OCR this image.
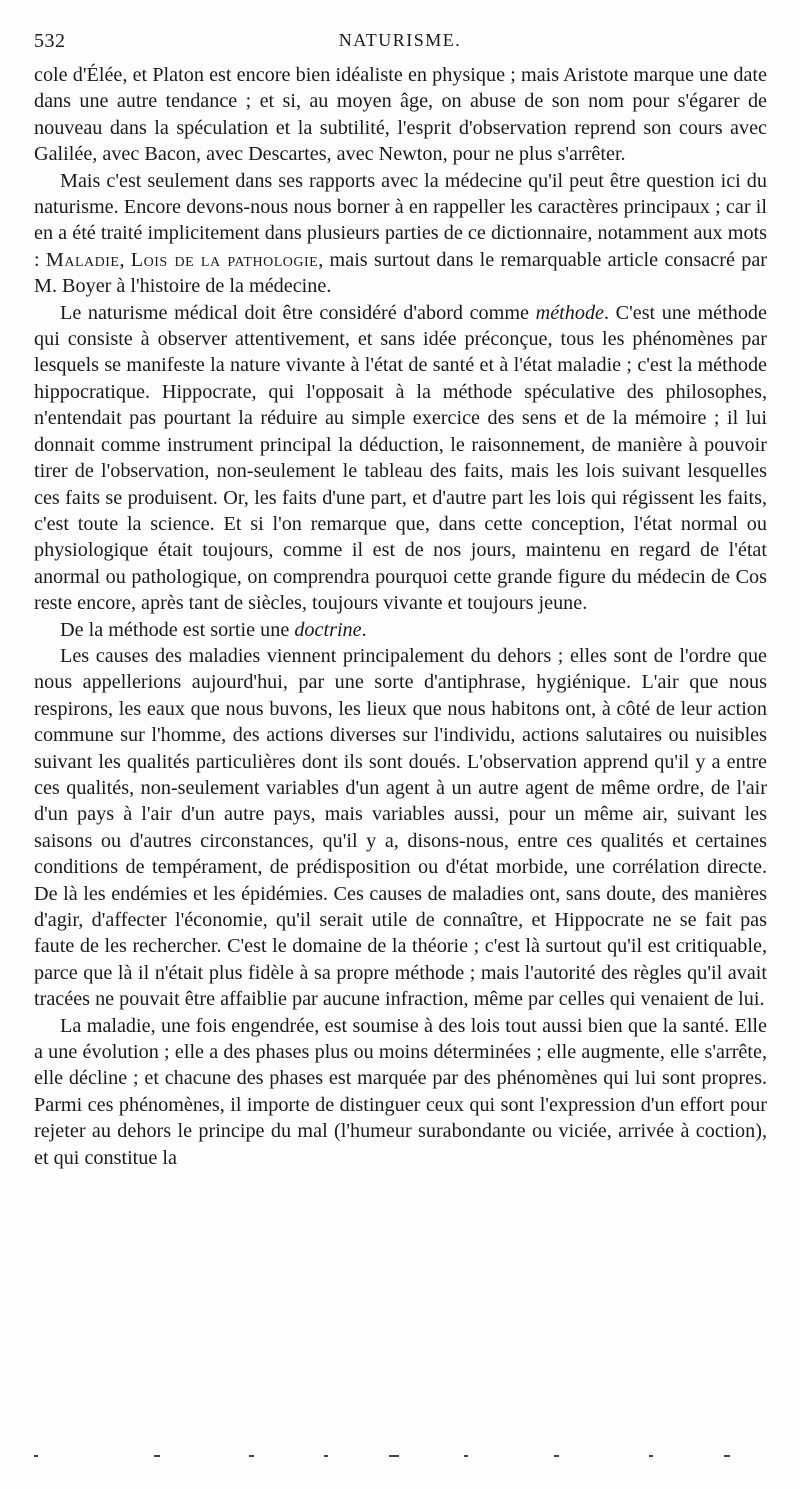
532	NATURISME.

cole d'Élée, et Platon est encore bien idéaliste en physique ; mais Aristote marque une date dans une autre tendance ; et si, au moyen âge, on abuse de son nom pour s'égarer de nouveau dans la spéculation et la subtilité, l'esprit d'observation reprend son cours avec Galilée, avec Bacon, avec Descartes, avec Newton, pour ne plus s'arrêter.

Mais c'est seulement dans ses rapports avec la médecine qu'il peut être question ici du naturisme. Encore devons-nous nous borner à en rappeller les caractères principaux ; car il en a été traité implicitement dans plusieurs parties de ce dictionnaire, notamment aux mots : Maladie, Lois de la pathologie, mais surtout dans le remarquable article consacré par M. Boyer à l'histoire de la médecine.

Le naturisme médical doit être considéré d'abord comme méthode. C'est une méthode qui consiste à observer attentivement, et sans idée préconçue, tous les phénomènes par lesquels se manifeste la nature vivante à l'état de santé et à l'état maladie ; c'est la méthode hippocratique. Hippocrate, qui l'opposait à la méthode spéculative des philosophes, n'entendait pas pourtant la réduire au simple exercice des sens et de la mémoire ; il lui donnait comme instrument principal la déduction, le raisonnement, de manière à pouvoir tirer de l'observation, non-seulement le tableau des faits, mais les lois suivant lesquelles ces faits se produisent. Or, les faits d'une part, et d'autre part les lois qui régissent les faits, c'est toute la science. Et si l'on remarque que, dans cette conception, l'état normal ou physiologique était toujours, comme il est de nos jours, maintenu en regard de l'état anormal ou pathologique, on comprendra pourquoi cette grande figure du médecin de Cos reste encore, après tant de siècles, toujours vivante et toujours jeune.

De la méthode est sortie une doctrine.

Les causes des maladies viennent principalement du dehors ; elles sont de l'ordre que nous appellerions aujourd'hui, par une sorte d'antiphrase, hygiénique. L'air que nous respirons, les eaux que nous buvons, les lieux que nous habitons ont, à côté de leur action commune sur l'homme, des actions diverses sur l'individu, actions salutaires ou nuisibles suivant les qualités particulières dont ils sont doués. L'observation apprend qu'il y a entre ces qualités, non-seulement variables d'un agent à un autre agent de même ordre, de l'air d'un pays à l'air d'un autre pays, mais variables aussi, pour un même air, suivant les saisons ou d'autres circonstances, qu'il y a, disons-nous, entre ces qualités et certaines conditions de tempérament, de prédisposition ou d'état morbide, une corrélation directe. De là les endémies et les épidémies. Ces causes de maladies ont, sans doute, des manières d'agir, d'affecter l'économie, qu'il serait utile de connaître, et Hippocrate ne se fait pas faute de les rechercher. C'est le domaine de la théorie ; c'est là surtout qu'il est critiquable, parce que là il n'était plus fidèle à sa propre méthode ; mais l'autorité des règles qu'il avait tracées ne pouvait être affaiblie par aucune infraction, même par celles qui venaient de lui.

La maladie, une fois engendrée, est soumise à des lois tout aussi bien que la santé. Elle a une évolution ; elle a des phases plus ou moins déterminées ; elle augmente, elle s'arrête, elle décline ; et chacune des phases est marquée par des phénomènes qui lui sont propres. Parmi ces phénomènes, il importe de distinguer ceux qui sont l'expression d'un effort pour rejeter au dehors le principe du mal (l'humeur surabondante ou viciée, arrivée à coction), et qui constitue la
